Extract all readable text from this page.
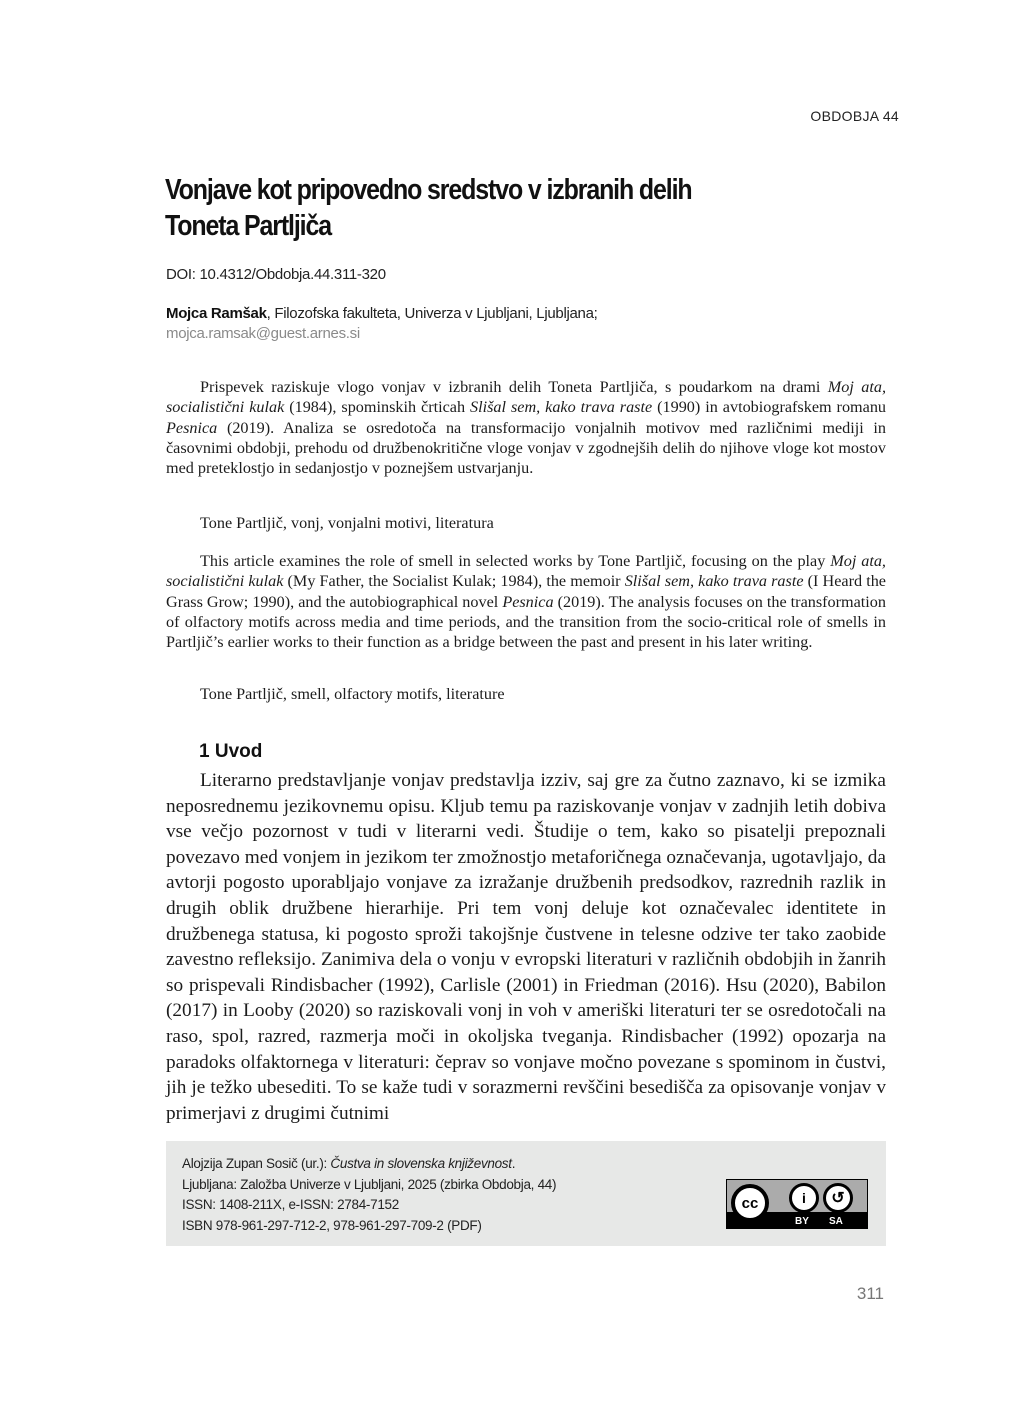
OBDOBJA 44
Vonjave kot pripovedno sredstvo v izbranih delih
Toneta Partljiča
DOI: 10.4312/Obdobja.44.311-320
Mojca Ramšak, Filozofska fakulteta, Univerza v Ljubljani, Ljubljana;
mojca.ramsak@guest.arnes.si

Prispevek raziskuje vlogo vonjav v izbranih delih Toneta Partljiča, s poudarkom na drami Moj ata, socialistični kulak (1984), spominskih črticah Slišal sem, kako trava raste (1990) in avtobiografskem romanu Pesnica (2019). Analiza se osredotoča na transformacijo vonjalnih motivov med različnimi mediji in časovnimi obdobji, prehodu od družbenokritične vloge vonjav v zgodnejših delih do njihove vloge kot mostov med preteklostjo in sedanjostjo v poznejšem ustvarjanju.

Tone Partljič, vonj, vonjalni motivi, literatura

This article examines the role of smell in selected works by Tone Partljič, focusing on the play Moj ata, socialistični kulak (My Father, the Socialist Kulak; 1984), the memoir Slišal sem, kako trava raste (I Heard the Grass Grow; 1990), and the autobiographical novel Pesnica (2019). The analysis focuses on the transformation of olfactory motifs across media and time periods, and the transition from the socio-critical role of smells in Partljič’s earlier works to their function as a bridge between the past and present in his later writing.

Tone Partljič, smell, olfactory motifs, literature
1 Uvod

Literarno predstavljanje vonjav predstavlja izziv, saj gre za čutno zaznavo, ki se izmika neposrednemu jezikovnemu opisu. Kljub temu pa raziskovanje vonjav v zadnjih letih dobiva vse večjo pozornost v tudi v literarni vedi. Študije o tem, kako so pisatelji prepoznali povezavo med vonjem in jezikom ter zmožnostjo metaforičnega označevanja, ugotavljajo, da avtorji pogosto uporabljajo vonjave za izražanje družbenih predsodkov, razrednih razlik in drugih oblik družbene hierarhije. Pri tem vonj deluje kot označevalec identitete in družbenega statusa, ki pogosto sproži takojšnje čustvene in telesne odzive ter tako zaobide zavestno refleksijo. Zanimiva dela o vonju v evropski literaturi v različnih obdobjih in žanrih so prispevali Rindisbacher (1992), Carlisle (2001) in Friedman (2016). Hsu (2020), Babilon (2017) in Looby (2020) so raziskovali vonj in voh v ameriški literaturi ter se osredotočali na raso, spol, razred, razmerja moči in okoljska tveganja. Rindisbacher (1992) opozarja na paradoks olfaktornega v literaturi: čeprav so vonjave močno povezane s spominom in čustvi, jih je težko ubesediti. To se kaže tudi v sorazmerni revščini besedišča za opisovanje vonjav v primerjavi z drugimi čutnimi

Alojzija Zupan Sosič (ur.): Čustva in slovenska književnost.
Ljubljana: Založba Univerze v Ljubljani, 2025 (zbirka Obdobja, 44)
ISSN: 1408-211X, e-ISSN: 2784-7152
ISBN 978-961-297-712-2, 978-961-297-709-2 (PDF)
cc	i	↺
BY SA
311
